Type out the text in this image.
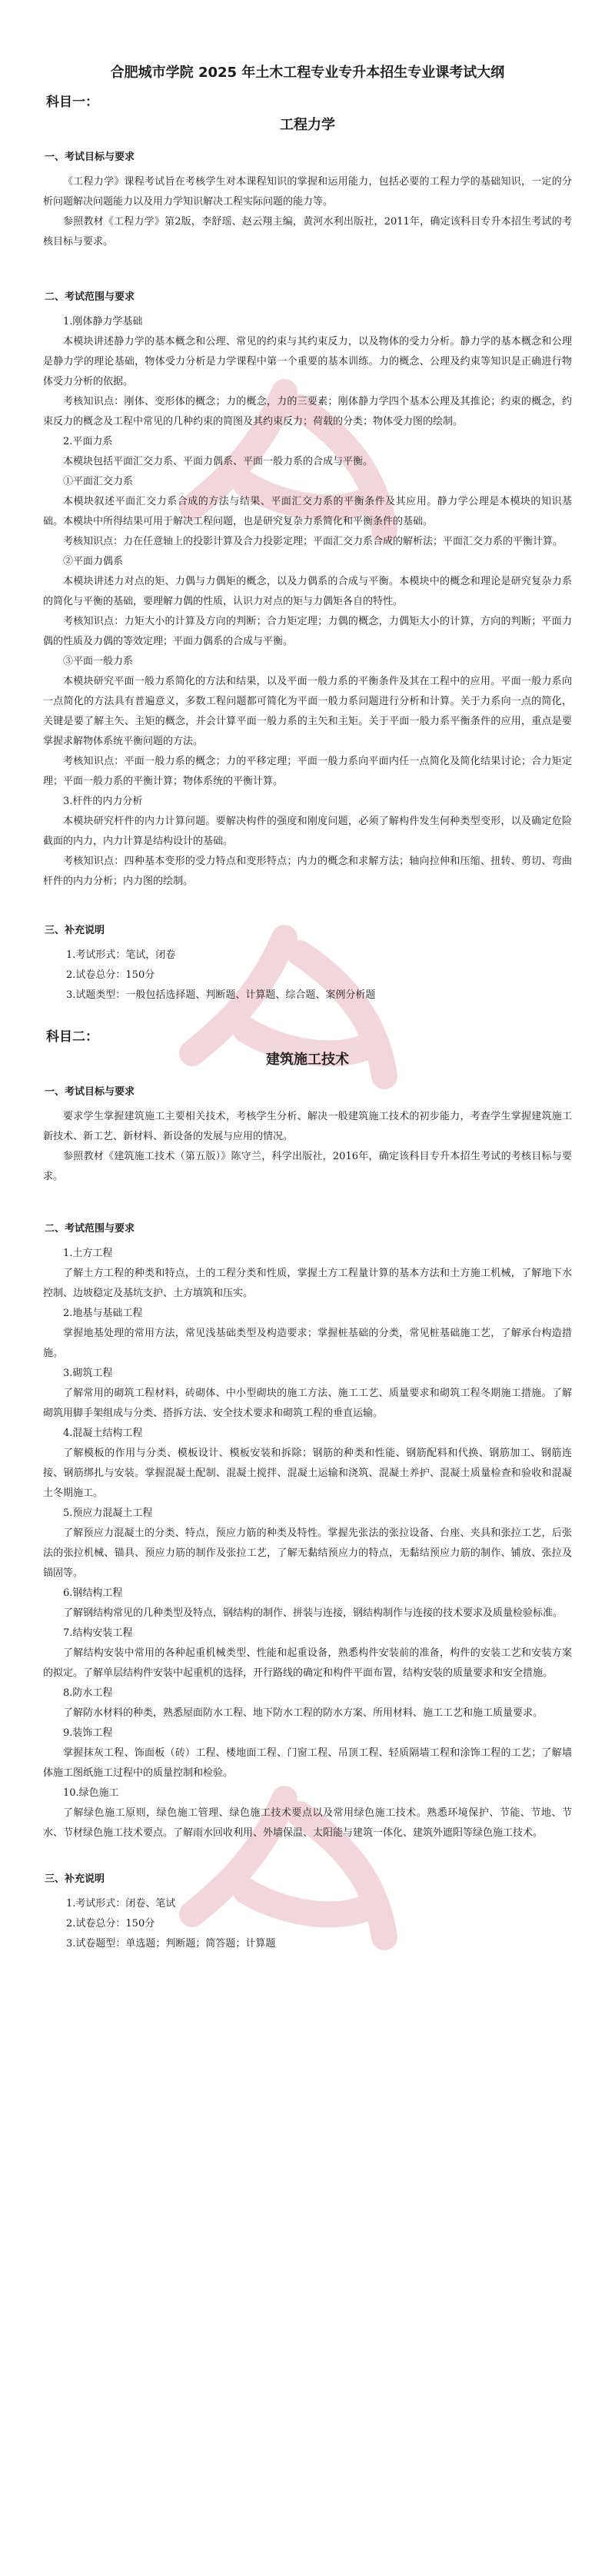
合肥城市学院 2025 年土木工程专业专升本招生专业课考试大纲
科目一：
工程力学
一、考试目标与要求

《工程力学》课程考试旨在考核学生对本课程知识的掌握和运用能力，包括必要的工程力学的基础知识，一定的分析问题解决问题能力以及用力学知识解决工程实际问题的能力等。

参照教材《工程力学》第2版，李舒瑶、赵云翔主编，黄河水利出版社，2011年，确定该科目专升本招生考试的考核目标与要求。

二、考试范围与要求

1.刚体静力学基础

本模块讲述静力学的基本概念和公理、常见的约束与其约束反力，以及物体的受力分析。静力学的基本概念和公理是静力学的理论基础，物体受力分析是力学课程中第一个重要的基本训练。力的概念、公理及约束等知识是正确进行物体受力分析的依据。

考核知识点：刚体、变形体的概念；力的概念，力的三要素；刚体静力学四个基本公理及其推论；约束的概念，约束反力的概念及工程中常见的几种约束的简图及其约束反力；荷载的分类；物体受力图的绘制。

2.平面力系

本模块包括平面汇交力系、平面力偶系、平面一般力系的合成与平衡。

①平面汇交力系

本模块叙述平面汇交力系合成的方法与结果、平面汇交力系的平衡条件及其应用。静力学公理是本模块的知识基础。本模块中所得结果可用于解决工程问题，也是研究复杂力系简化和平衡条件的基础。

考核知识点：力在任意轴上的投影计算及合力投影定理；平面汇交力系合成的解析法；平面汇交力系的平衡计算。

②平面力偶系

本模块讲述力对点的矩、力偶与力偶矩的概念，以及力偶系的合成与平衡。本模块中的概念和理论是研究复杂力系的简化与平衡的基础，要理解力偶的性质，认识力对点的矩与力偶矩各自的特性。

考核知识点：力矩大小的计算及方向的判断；合力矩定理；力偶的概念，力偶矩大小的计算，方向的判断；平面力偶的性质及力偶的等效定理；平面力偶系的合成与平衡。

③平面一般力系

本模块研究平面一般力系简化的方法和结果，以及平面一般力系的平衡条件及其在工程中的应用。平面一般力系向一点简化的方法具有普遍意义，多数工程问题都可简化为平面一般力系问题进行分析和计算。关于力系向一点的简化，关键是要了解主矢、主矩的概念，并会计算平面一般力系的主矢和主矩。关于平面一般力系平衡条件的应用，重点是要掌握求解物体系统平衡问题的方法。

考核知识点：平面一般力系的概念；力的平移定理；平面一般力系向平面内任一点简化及简化结果讨论；合力矩定理；平面一般力系的平衡计算；物体系统的平衡计算。

3.杆件的内力分析

本模块研究杆件的内力计算问题。要解决构件的强度和刚度问题，必须了解构件发生何种类型变形，以及确定危险截面的内力，内力计算是结构设计的基础。

考核知识点：四种基本变形的受力特点和变形特点；内力的概念和求解方法；轴向拉伸和压缩、扭转、剪切、弯曲杆件的内力分析；内力图的绘制。

三、补充说明
1.考试形式：笔试，闭卷
2.试卷总分：150分
3.试题类型：一般包括选择题、判断题、计算题、综合题、案例分析题
科目二：
建筑施工技术
一、考试目标与要求

要求学生掌握建筑施工主要相关技术，考核学生分析、解决一般建筑施工技术的初步能力，考查学生掌握建筑施工新技术、新工艺、新材料、新设备的发展与应用的情况。

参照教材《建筑施工技术（第五版）》陈守兰，科学出版社，2016年，确定该科目专升本招生考试的考核目标与要求。

二、考试范围与要求

1.土方工程

了解土方工程的种类和特点，土的工程分类和性质，掌握土方工程量计算的基本方法和土方施工机械，了解地下水控制、边坡稳定及基坑支护、土方填筑和压实。

2.地基与基础工程

掌握地基处理的常用方法，常见浅基础类型及构造要求；掌握桩基础的分类，常见桩基础施工艺，了解承台构造措施。

3.砌筑工程

了解常用的砌筑工程材料，砖砌体、中小型砌块的施工方法、施工工艺、质量要求和砌筑工程冬期施工措施。了解砌筑用脚手架组成与分类、搭拆方法、安全技术要求和砌筑工程的垂直运输。

4.混凝土结构工程

了解模板的作用与分类、模板设计、模板安装和拆除；钢筋的种类和性能、钢筋配料和代换、钢筋加工、钢筋连接、钢筋绑扎与安装。掌握混凝土配制、混凝土搅拌、混凝土运输和浇筑、混凝土养护、混凝土质量检查和验收和混凝土冬期施工。

5.预应力混凝土工程

了解预应力混凝土的分类、特点，预应力筋的种类及特性。掌握先张法的张拉设备、台座、夹具和张拉工艺，后张法的张拉机械、锚具、预应力筋的制作及张拉工艺，了解无黏结预应力的特点，无黏结预应力筋的制作、铺放、张拉及锚固等。

6.钢结构工程

了解钢结构常见的几种类型及特点，钢结构的制作、拼装与连接，钢结构制作与连接的技术要求及质量检验标准。

7.结构安装工程

了解结构安装中常用的各种起重机械类型、性能和起重设备，熟悉构件安装前的准备，构件的安装工艺和安装方案的拟定。了解单层结构件安装中起重机的选择，开行路线的确定和构件平面布置，结构安装的质量要求和安全措施。

8.防水工程

了解防水材料的种类，熟悉屋面防水工程、地下防水工程的防水方案、所用材料、施工工艺和施工质量要求。

9.装饰工程

掌握抹灰工程、饰面板（砖）工程、楼地面工程、门窗工程、吊顶工程、轻质隔墙工程和涂饰工程的工艺；了解墙体施工图纸施工过程中的质量控制和检验。

10.绿色施工

了解绿色施工原则，绿色施工管理、绿色施工技术要点以及常用绿色施工技术。熟悉环境保护、节能、节地、节水、节材绿色施工技术要点。了解雨水回收利用、外墙保温、太阳能与建筑一体化、建筑外遮阳等绿色施工技术。

三、补充说明
1.考试形式：闭卷、笔试
2.试卷总分：150分
3.试卷题型：单选题；判断题；简答题；计算题
